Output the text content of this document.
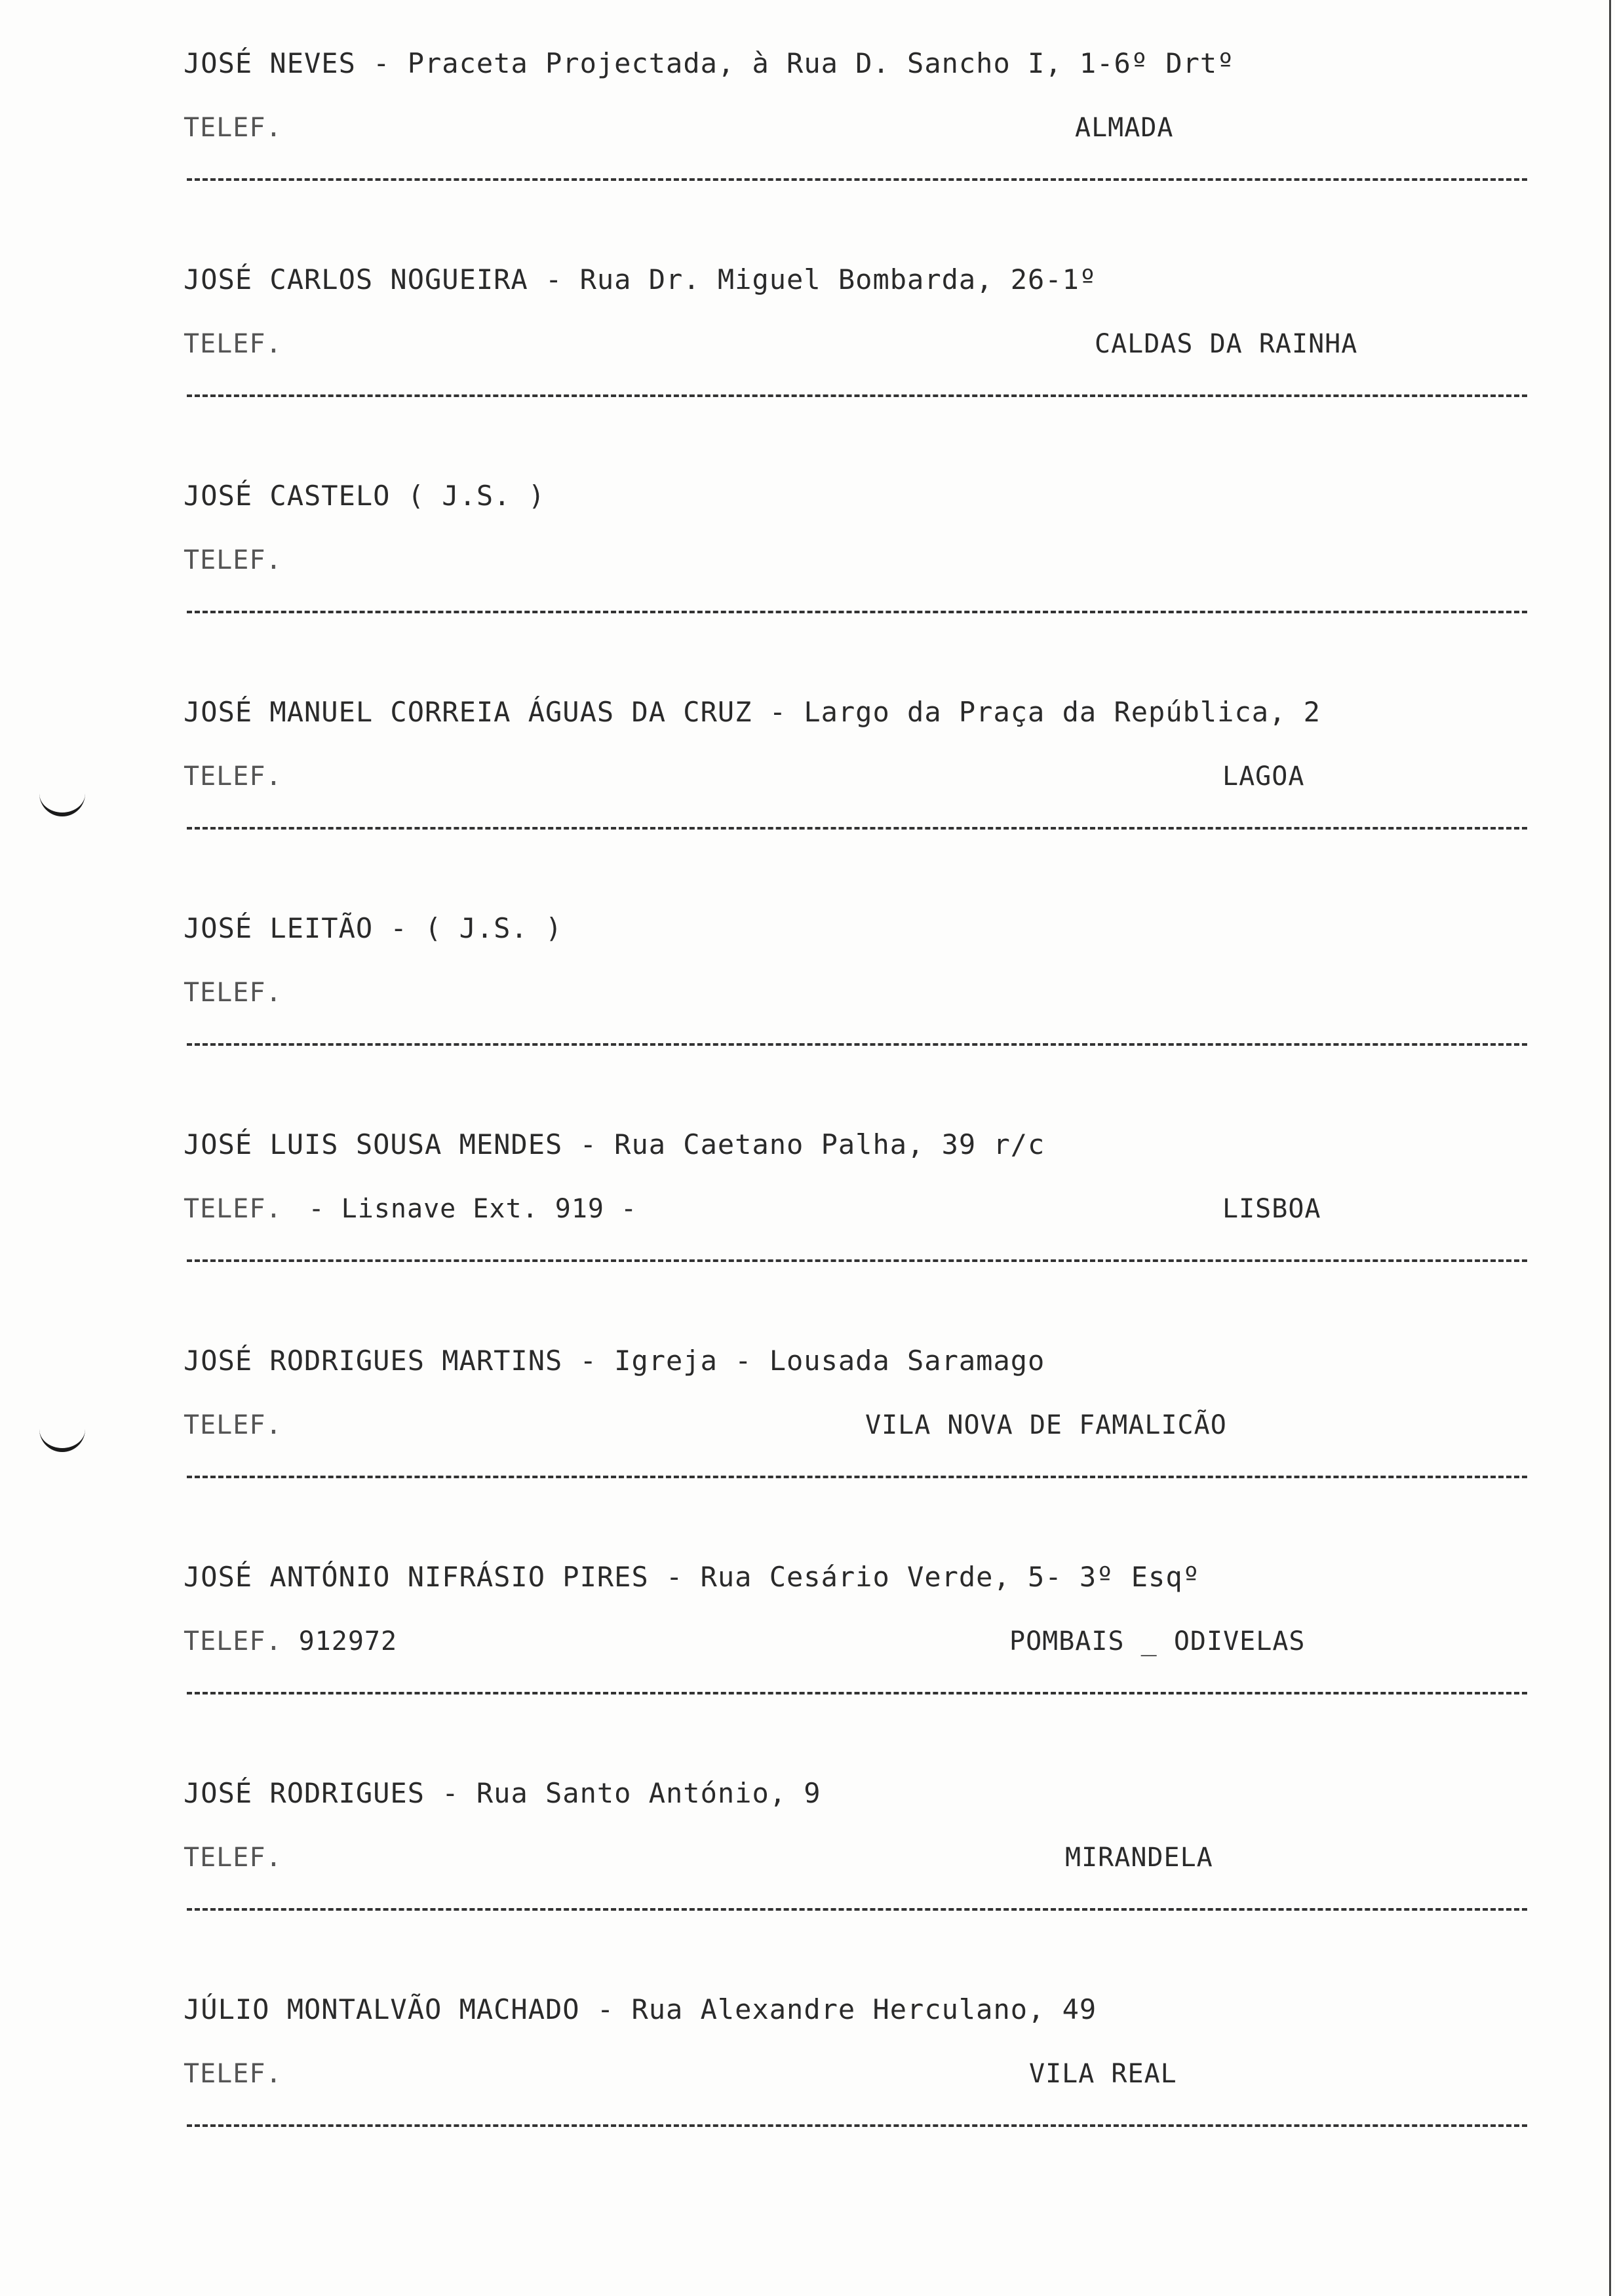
JOSÉ NEVES - Praceta Projectada, à Rua D. Sancho I, 1-6º Drtº
TELEF.	ALMADA
JOSÉ CARLOS NOGUEIRA - Rua Dr. Miguel Bombarda, 26-1º
TELEF.	CALDAS DA RAINHA
JOSÉ CASTELO ( J.S. )
TELEF.
JOSÉ MANUEL CORREIA ÁGUAS DA CRUZ - Largo da Praça da República, 2
TELEF.	LAGOA
JOSÉ LEITÃO - ( J.S. )
TELEF.
JOSÉ LUIS SOUSA MENDES - Rua Caetano Palha, 39 r/c
TELEF. - Lisnave Ext. 919 -	LISBOA
JOSÉ RODRIGUES MARTINS - Igreja - Lousada Saramago
TELEF.	VILA NOVA DE FAMALICÃO
JOSÉ ANTÓNIO NIFRÁSIO PIRES - Rua Cesário Verde, 5- 3º Esqº
TELEF. 912972	POMBAIS _ ODIVELAS
JOSÉ RODRIGUES - Rua Santo António, 9
TELEF.	MIRANDELA
JÚLIO MONTALVÃO MACHADO - Rua Alexandre Herculano, 49
TELEF.	VILA REAL
